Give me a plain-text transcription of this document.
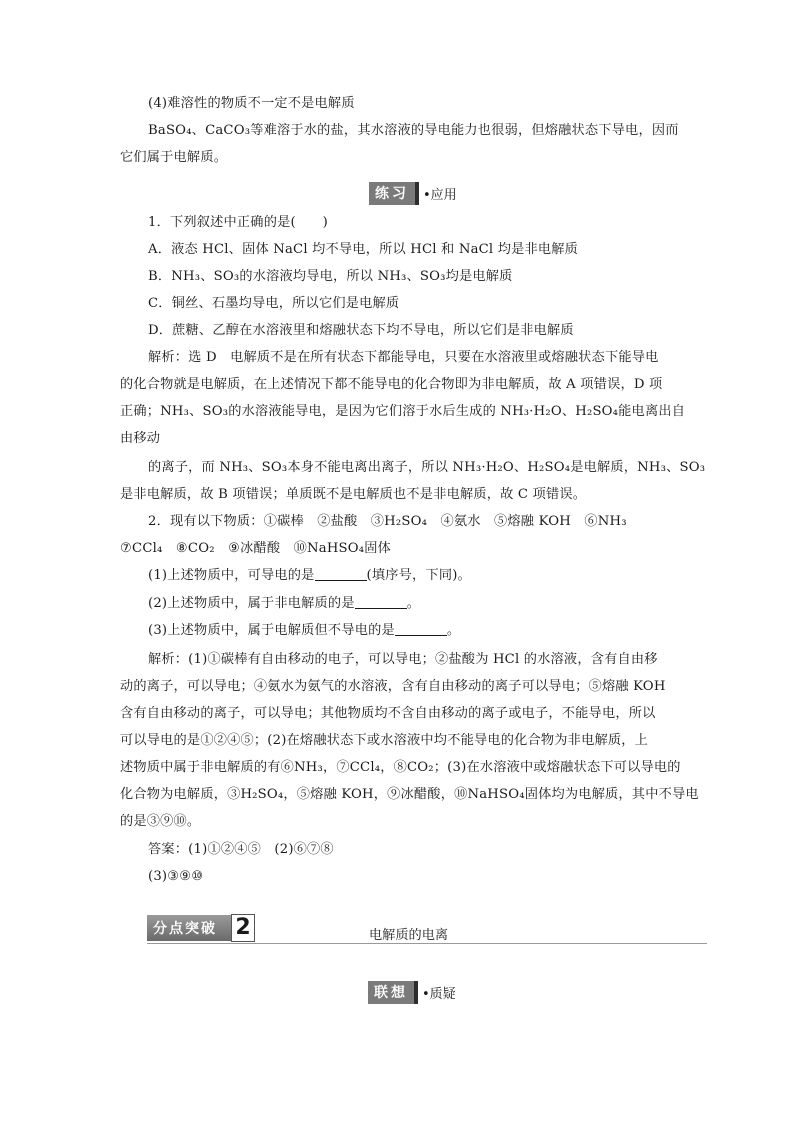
(4)难溶性的物质不一定不是电解质
BaSO₄、CaCO₃等难溶于水的盐，其水溶液的导电能力也很弱，但熔融状态下导电，因而
它们属于电解质。
练习	•应用
1．下列叙述中正确的是(　　)
A．液态 HCl、固体 NaCl 均不导电，所以 HCl 和 NaCl 均是非电解质
B．NH₃、SO₃的水溶液均导电，所以 NH₃、SO₃均是电解质
C．铜丝、石墨均导电，所以它们是电解质
D．蔗糖、乙醇在水溶液里和熔融状态下均不导电，所以它们是非电解质
解析：选 D　电解质不是在所有状态下都能导电，只要在水溶液里或熔融状态下能导电
的化合物就是电解质，在上述情况下都不能导电的化合物即为非电解质，故 A 项错误，D 项
正确；NH₃、SO₃的水溶液能导电，是因为它们溶于水后生成的 NH₃·H₂O、H₂SO₄能电离出自
由移动
的离子，而 NH₃、SO₃本身不能电离出离子，所以 NH₃·H₂O、H₂SO₄是电解质，NH₃、SO₃
是非电解质，故 B 项错误；单质既不是电解质也不是非电解质，故 C 项错误。
2．现有以下物质：①碳棒　②盐酸　③H₂SO₄　④氨水　⑤熔融 KOH　⑥NH₃
⑦CCl₄　⑧CO₂　⑨冰醋酸　⑩NaHSO₄固体
(1)上述物质中，可导电的是	(填序号，下同)。
(2)上述物质中，属于非电解质的是	。
(3)上述物质中，属于电解质但不导电的是	。
解析：(1)①碳棒有自由移动的电子，可以导电；②盐酸为 HCl 的水溶液，含有自由移
动的离子，可以导电；④氨水为氨气的水溶液，含有自由移动的离子可以导电；⑤熔融 KOH
含有自由移动的离子，可以导电；其他物质均不含自由移动的离子或电子，不能导电，所以
可以导电的是①②④⑤；(2)在熔融状态下或水溶液中均不能导电的化合物为非电解质，上
述物质中属于非电解质的有⑥NH₃，⑦CCl₄，⑧CO₂；(3)在水溶液中或熔融状态下可以导电的
化合物为电解质，③H₂SO₄，⑤熔融 KOH，⑨冰醋酸，⑩NaHSO₄固体均为电解质，其中不导电
的是③⑨⑩。
答案：(1)①②④⑤　(2)⑥⑦⑧
(3)③⑨⑩
分点突破 2	电解质的电离
联想	•质疑
